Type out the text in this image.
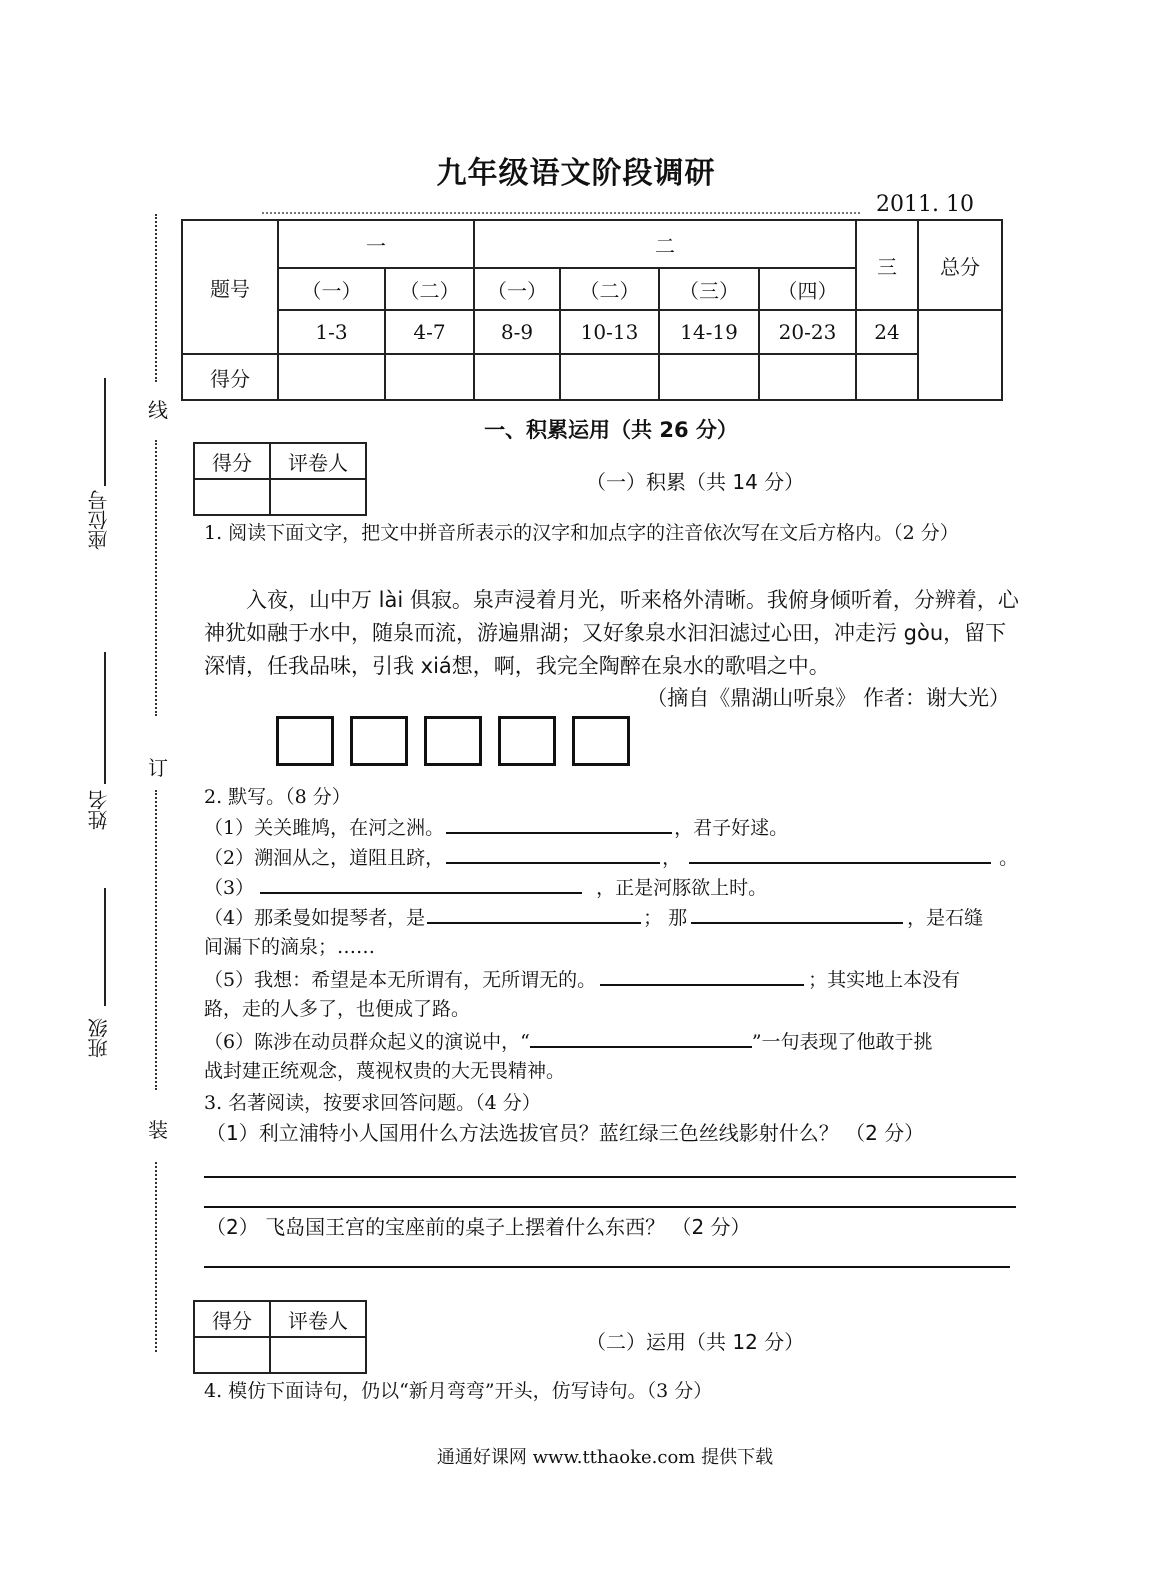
线
订
装
座位号
姓名
班级
九年级语文阶段调研
2011. 10
题号	一		二				三	总分
	（一）	（二）	（一）	（二）	（三）	（四）		
	1-3	4-7	8-9	10-13	14-19	20-23	24	
得分								
一、积累运用（共 26 分）
得分	评卷人

（一）积累（共 14 分）
1. 阅读下面文字，把文中拼音所表示的汉字和加点字的注音依次写在文后方格内。（2 分）
入夜，山中万 lài 俱寂。泉声浸着月光，听来格外清晰。我俯身倾听着，分辨着，心神犹如融于水中，随泉而流，游遍鼎湖；又好象泉水汩汩滤过心田，冲走污 gòu，留下深情，任我品味，引我 xiá想，啊，我完全陶醉在泉水的歌唱之中。
（摘自《鼎湖山听泉》 作者：谢大光）
2. 默写。（8 分）
（1）关关雎鸠，在河之洲。	，君子好逑。
（2）溯洄从之，道阻且跻，	，	。
（3）	，正是河豚欲上时。
（4）那柔曼如提琴者，是	； 那	，是石缝
间漏下的滴泉；……
（5）我想：希望是本无所谓有，无所谓无的。	；其实地上本没有
路，走的人多了，也便成了路。
（6）陈涉在动员群众起义的演说中，“	”一句表现了他敢于挑
战封建正统观念，蔑视权贵的大无畏精神。
3. 名著阅读，按要求回答问题。（4 分）
（1）利立浦特小人国用什么方法选拔官员？蓝红绿三色丝线影射什么？ （2 分）
（2） 飞岛国王宫的宝座前的桌子上摆着什么东西？ （2 分）
得分	评卷人

（二）运用（共 12 分）
4. 模仿下面诗句，仍以“新月弯弯”开头，仿写诗句。（3 分）
通通好课网 www.tthaoke.com 提供下载
